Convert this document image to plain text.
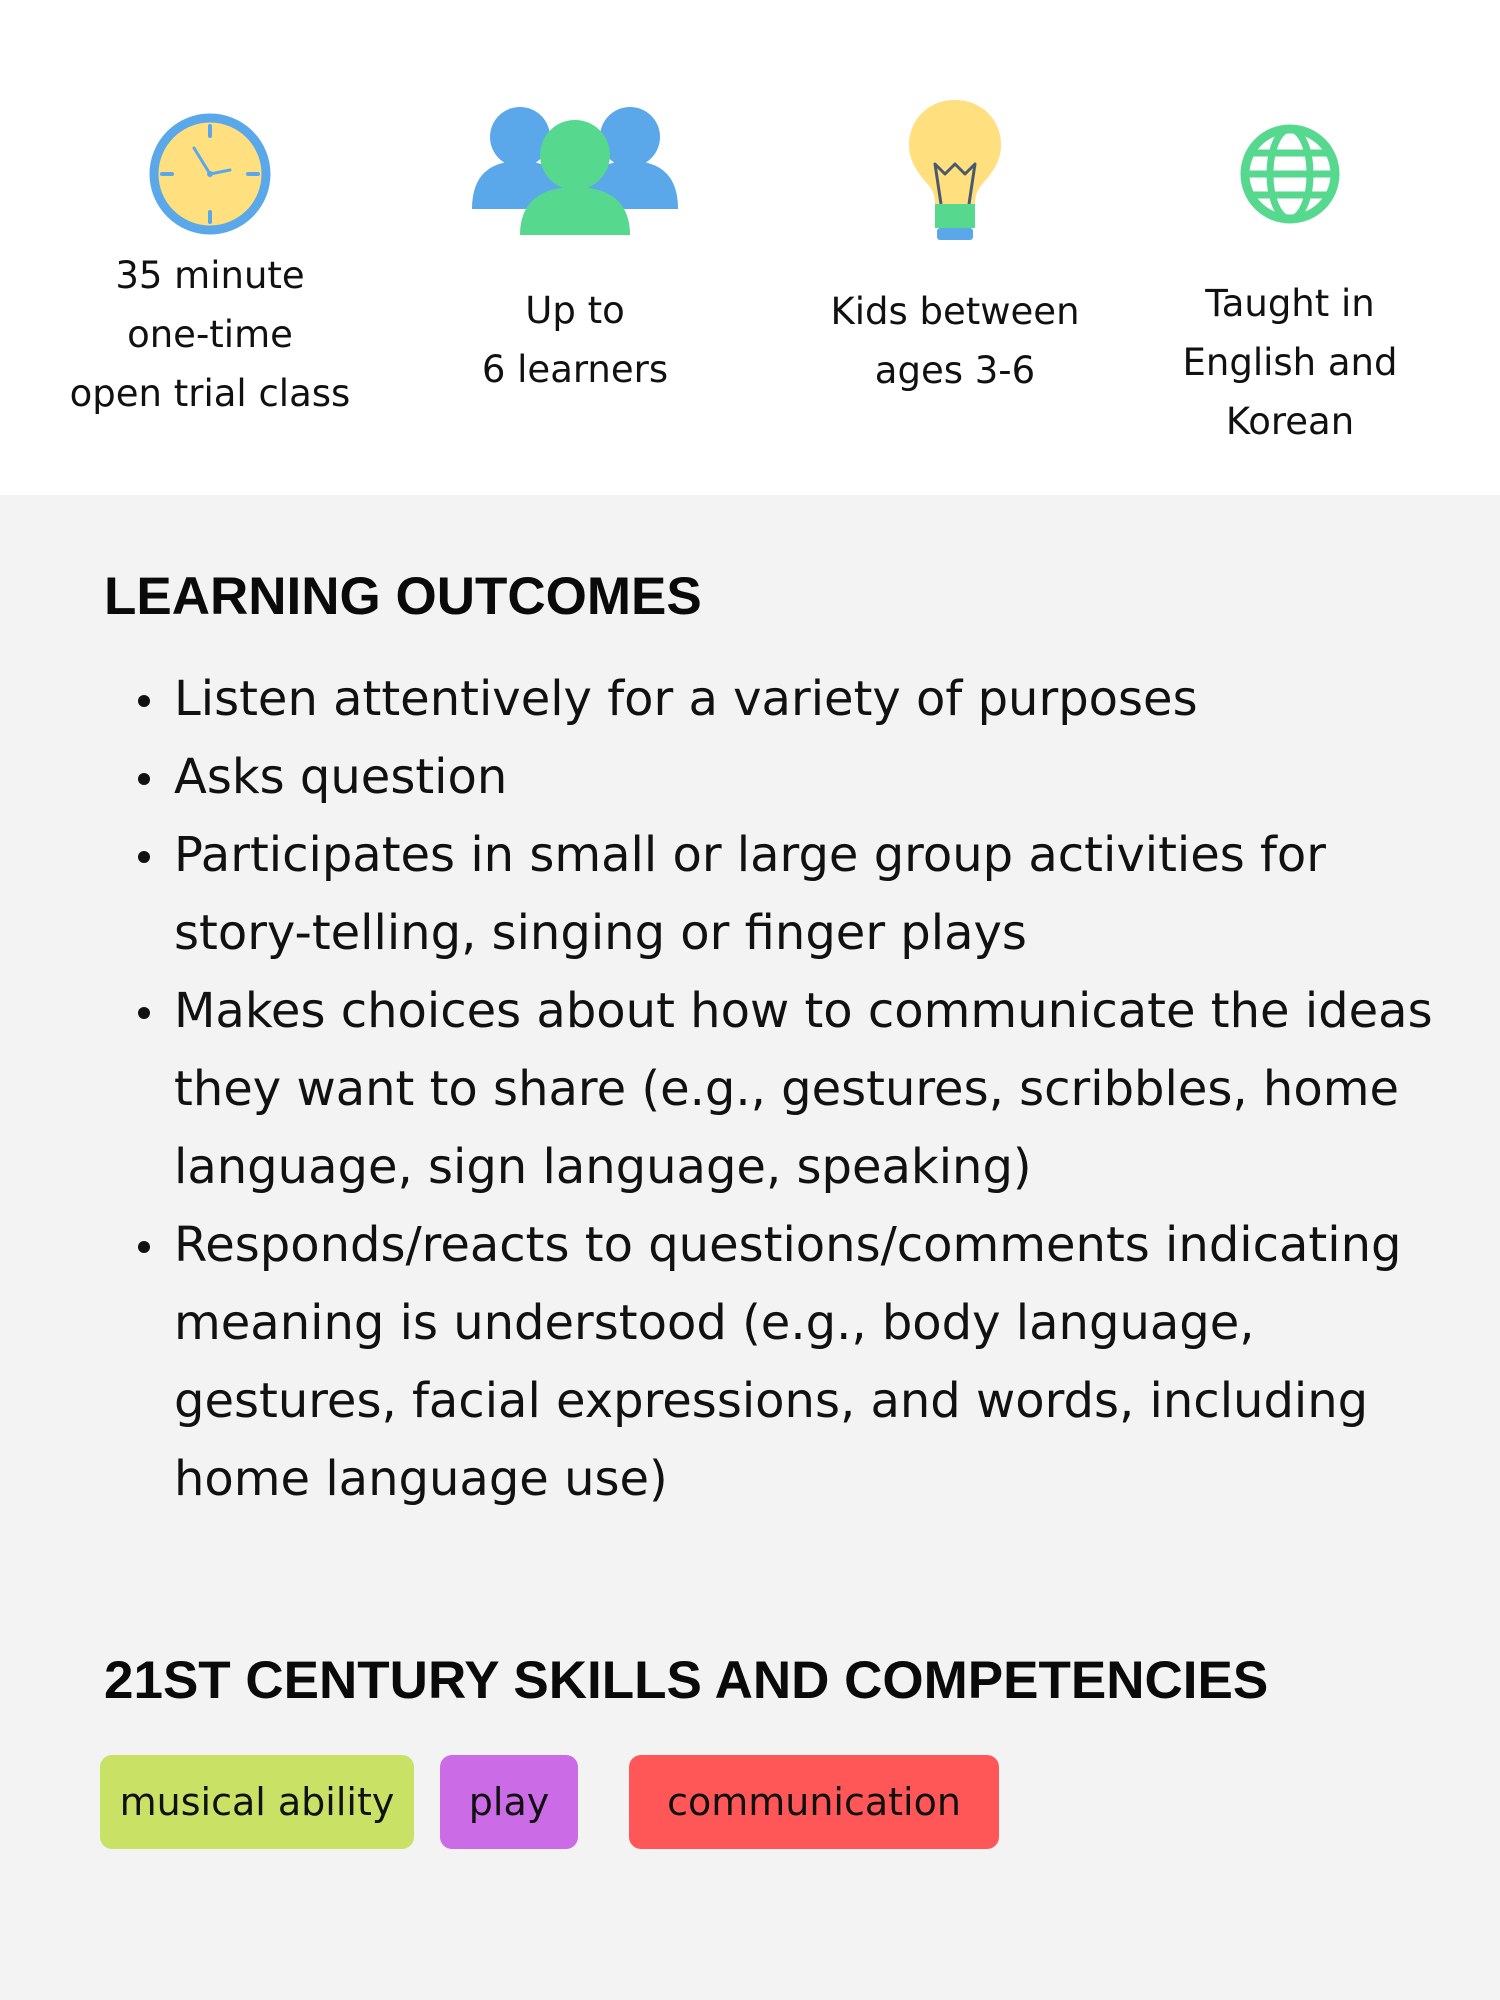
35 minute
one-time
open trial class
Up to
6 learners
Kids between
ages 3-6
Taught in
English and
Korean
LEARNING OUTCOMES
Listen attentively for a variety of purposes
Asks question
Participates in small or large group activities for story-telling, singing or finger plays
Makes choices about how to communicate the ideas they want to share (e.g., gestures, scribbles, home language, sign language, speaking)
Responds/reacts to questions/comments indicating meaning is understood (e.g., body language, gestures, facial expressions, and words, including home language use)
21ST CENTURY SKILLS AND COMPETENCIES
musical ability play	communication
